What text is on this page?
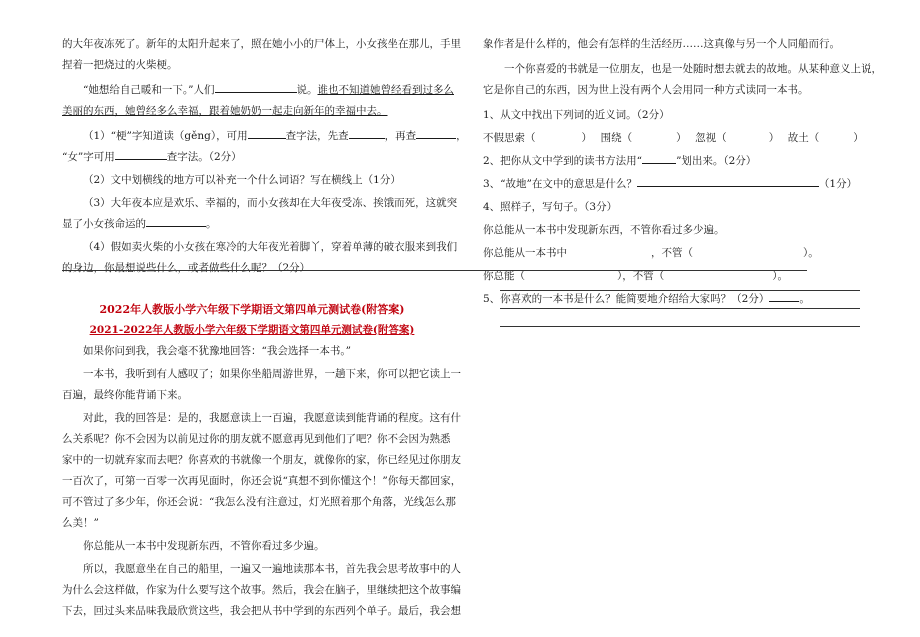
的大年夜冻死了。新年的太阳升起来了，照在她小小的尸体上，小女孩坐在那儿，手里

捏着一把烧过的火柴梗。

“她想给自己暖和一下。”人们	说。谁也不知道她曾经看到过多么

美丽的东西，她曾经多么幸福，跟着她奶奶一起走向新年的幸福中去。

（1）“梗”字知道读（gěng），可用	查字法，先查	，再查	，

“女”字可用	查字法。（2分）

（2）文中划横线的地方可以补充一个什么词语？写在横线上（1分）

（3）大年夜本应是欢乐、幸福的，而小女孩却在大年夜受冻、挨饿而死，这就突

显了小女孩命运的	。

（4）假如卖火柴的小女孩在寒冷的大年夜光着脚丫，穿着单薄的破衣服来到我们

的身边，你最想说些什么，或者做些什么呢？（2分）

2022年人教版小学六年级下学期语文第四单元测试卷(附答案)

2021-2022年人教版小学六年级下学期语文第四单元测试卷(附答案)

如果你问到我，我会毫不犹豫地回答：“我会选择一本书。”

一本书，我听到有人感叹了；如果你坐船周游世界，一趟下来，你可以把它读上一

百遍，最终你能背诵下来。

对此，我的回答是：是的，我愿意读上一百遍，我愿意读到能背诵的程度。这有什

么关系呢？你不会因为以前见过你的朋友就不愿意再见到他们了吧？你不会因为熟悉

家中的一切就弃家而去吧？你喜欢的书就像一个朋友，就像你的家，你已经见过你朋友

一百次了，可第一百零一次再见面时，你还会说“真想不到你懂这个！”你每天都回家，

可不管过了多少年，你还会说：“我怎么没有注意过，灯光照着那个角落，光线怎么那

么美！”

你总能从一本书中发现新东西，不管你看过多少遍。

所以，我愿意坐在自己的船里，一遍又一遍地读那本书，首先我会思考故事中的人

为什么会这样做，作家为什么要写这个故事。然后，我会在脑子，里继续把这个故事编

下去，回过头来品味我最欣赏这些，我会把从书中学到的东西列个单子。最后，我会想

象作者是什么样的，他会有怎样的生活经历……这真像与另一个人同船而行。

一个你喜爱的书就是一位朋友，也是一处随时想去就去的故地。从某种意义上说，

它是你自己的东西，因为世上没有两个人会用同一种方式读同一本书。

1、从文中找出下列词的近义词。（2分）

不假思索（	）　 围绕（	）　 忽视（	）　 故土（	）

2、把你从文中学到的读书方法用“	”划出来。（2分）

3、“故地”在文中的意思是什么？	（1分）

4、照样子，写句子。（3分）

你总能从一本书中发现新东西，不管你看过多少遍。

你总能从一本书中	，不管（	）。

你总能（	），不管（	）。

5、你喜欢的一本书是什么？能简要地介绍给大家吗？（2分）	。
